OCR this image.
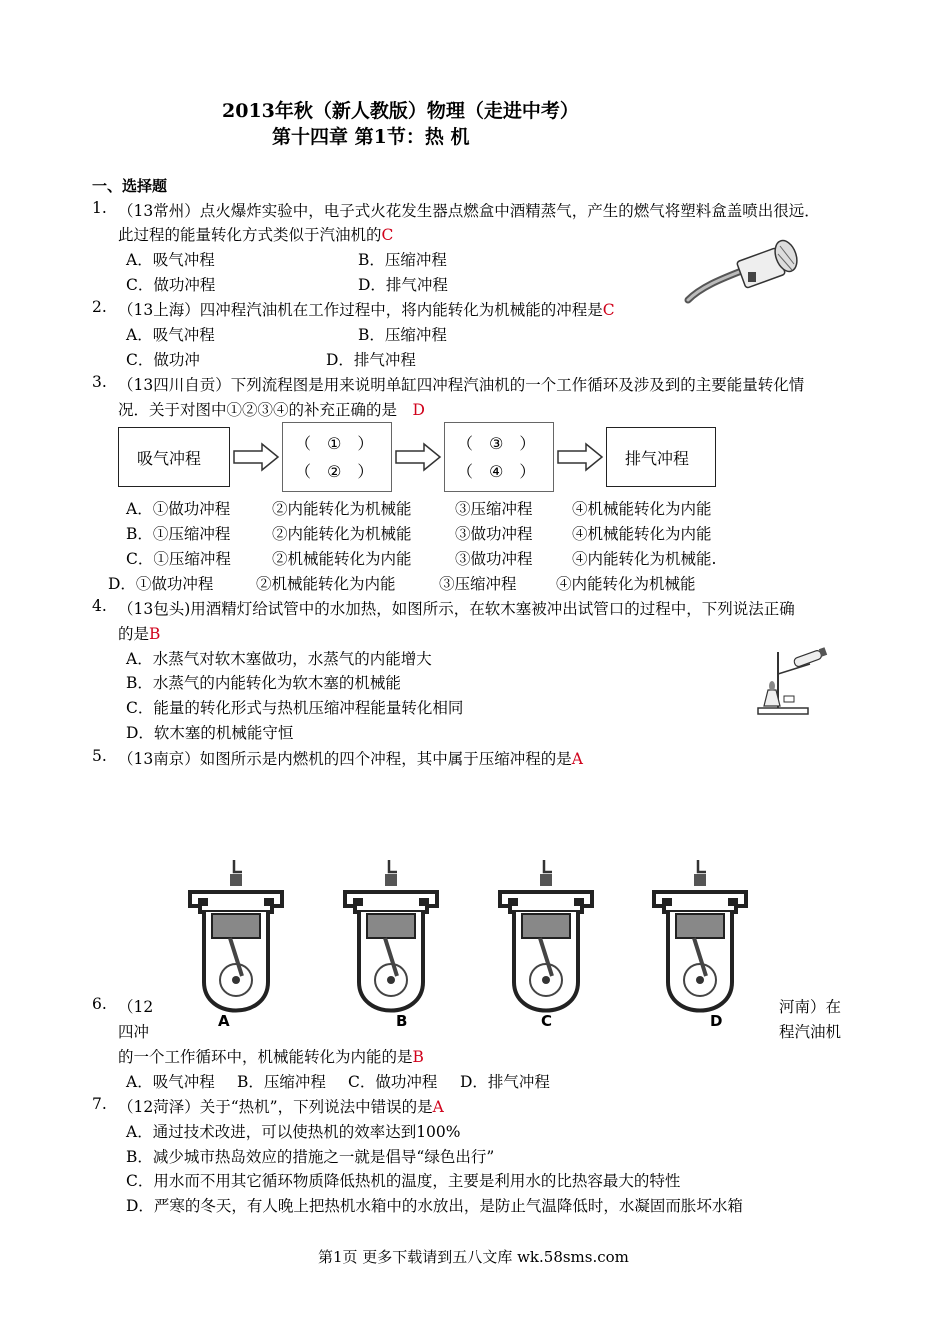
2013年秋（新人教版）物理（走进中考）
第十四章 第1节：热 机
一、选择题
1. （13常州）点火爆炸实验中，电子式火花发生器点燃盒中酒精蒸气，产生的燃气将塑料盒盖喷出很远．
此过程的能量转化方式类似于汽油机的C
A．吸气冲程	B．压缩冲程
C．做功冲程	D．排气冲程
2. （13上海）四冲程汽油机在工作过程中，将内能转化为机械能的冲程是C
A．吸气冲程	B．压缩冲程
C．做功冲	D．排气冲程
3. （13四川自贡）下列流程图是用来说明单缸四冲程汽油机的一个工作循环及涉及到的主要能量转化情
况．关于对图中①②③④的补充正确的是　 D
吸气冲程
（　①　）
（　②　）
（　③　）
（　④　）
排气冲程
A．①做功冲程	②内能转化为机械能	③压缩冲程	④机械能转化为内能
B．①压缩冲程	②内能转化为机械能	③做功冲程	④机械能转化为内能
C．①压缩冲程	②机械能转化为内能	③做功冲程	④内能转化为机械能.
D．①做功冲程	②机械能转化为内能	③压缩冲程	④内能转化为机械能
4. （13包头)用酒精灯给试管中的水加热，如图所示，在软木塞被冲出试管口的过程中，下列说法正确
的是B
A．水蒸气对软木塞做功，水蒸气的内能增大
B．水蒸气的内能转化为软木塞的机械能
C．能量的转化形式与热机压缩冲程能量转化相同
D．软木塞的机械能守恒
5. （13南京）如图所示是内燃机的四个冲程，其中属于压缩冲程的是A
A	B	C	D
6. （12
四冲
河南）在
程汽油机
的一个工作循环中，机械能转化为内能的是B
A．吸气冲程 B．压缩冲程 C．做功冲程 D．排气冲程
7. （12菏泽）关于“热机”，下列说法中错误的是A
A．通过技术改进，可以使热机的效率达到100%
B．减少城市热岛效应的措施之一就是倡导“绿色出行”
C．用水而不用其它循环物质降低热机的温度，主要是利用水的比热容最大的特性
D．严寒的冬天，有人晚上把热机水箱中的水放出，是防止气温降低时，水凝固而胀坏水箱
第1页 更多下载请到五八文库 wk.58sms.com
